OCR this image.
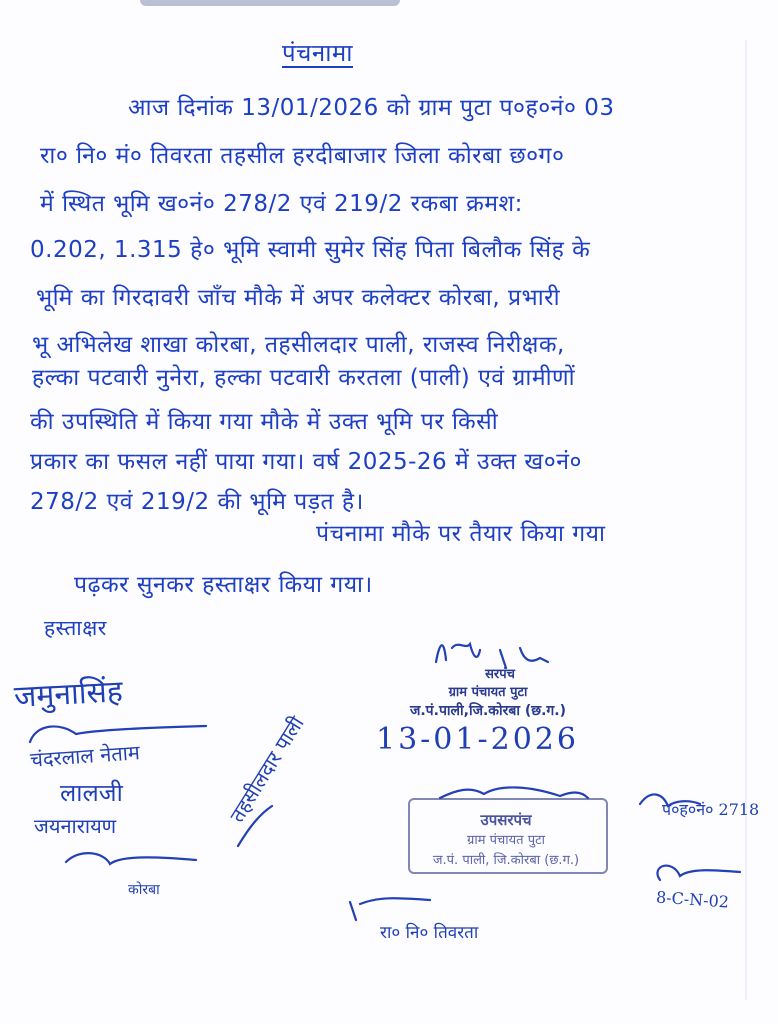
पंचनामा
आज दिनांक 13/01/2026 को ग्राम पुटा प०ह०नं० 03
रा० नि० मं० तिवरता तहसील हरदीबाजार जिला कोरबा छ०ग०
में स्थित भूमि ख०नं० 278/2 एवं 219/2 रकबा क्रमश:
0.202, 1.315 हे० भूमि स्वामी सुमेर सिंह पिता बिलौक सिंह के
भूमि का गिरदावरी जाँच मौके में अपर कलेक्टर कोरबा, प्रभारी
भू अभिलेख शाखा कोरबा, तहसीलदार पाली, राजस्व निरीक्षक,
हल्का पटवारी नुनेरा, हल्का पटवारी करतला (पाली) एवं ग्रामीणों
की उपस्थिति में किया गया मौके में उक्त भूमि पर किसी
प्रकार का फसल नहीं पाया गया। वर्ष 2025-26 में उक्त ख०नं०
278/2 एवं 219/2 की भूमि पड़त है।
पंचनामा मौके पर तैयार किया गया
पढ़कर सुनकर हस्ताक्षर किया गया।
हस्ताक्षर
जमुनासिंह
चंदरलाल नेताम
लालजी
जयनारायण
कोरबा
तहसीलदार पाली
रा० नि० तिवरता
प०ह०नं० 2718
8-C-N-02
सरपंच
ग्राम पंचायत पुटा
ज.पं.पाली,जि.कोरबा (छ.ग.)
13-01-2026
उपसरपंच
ग्राम पंचायत पुटा
ज.पं. पाली, जि.कोरबा (छ.ग.)
